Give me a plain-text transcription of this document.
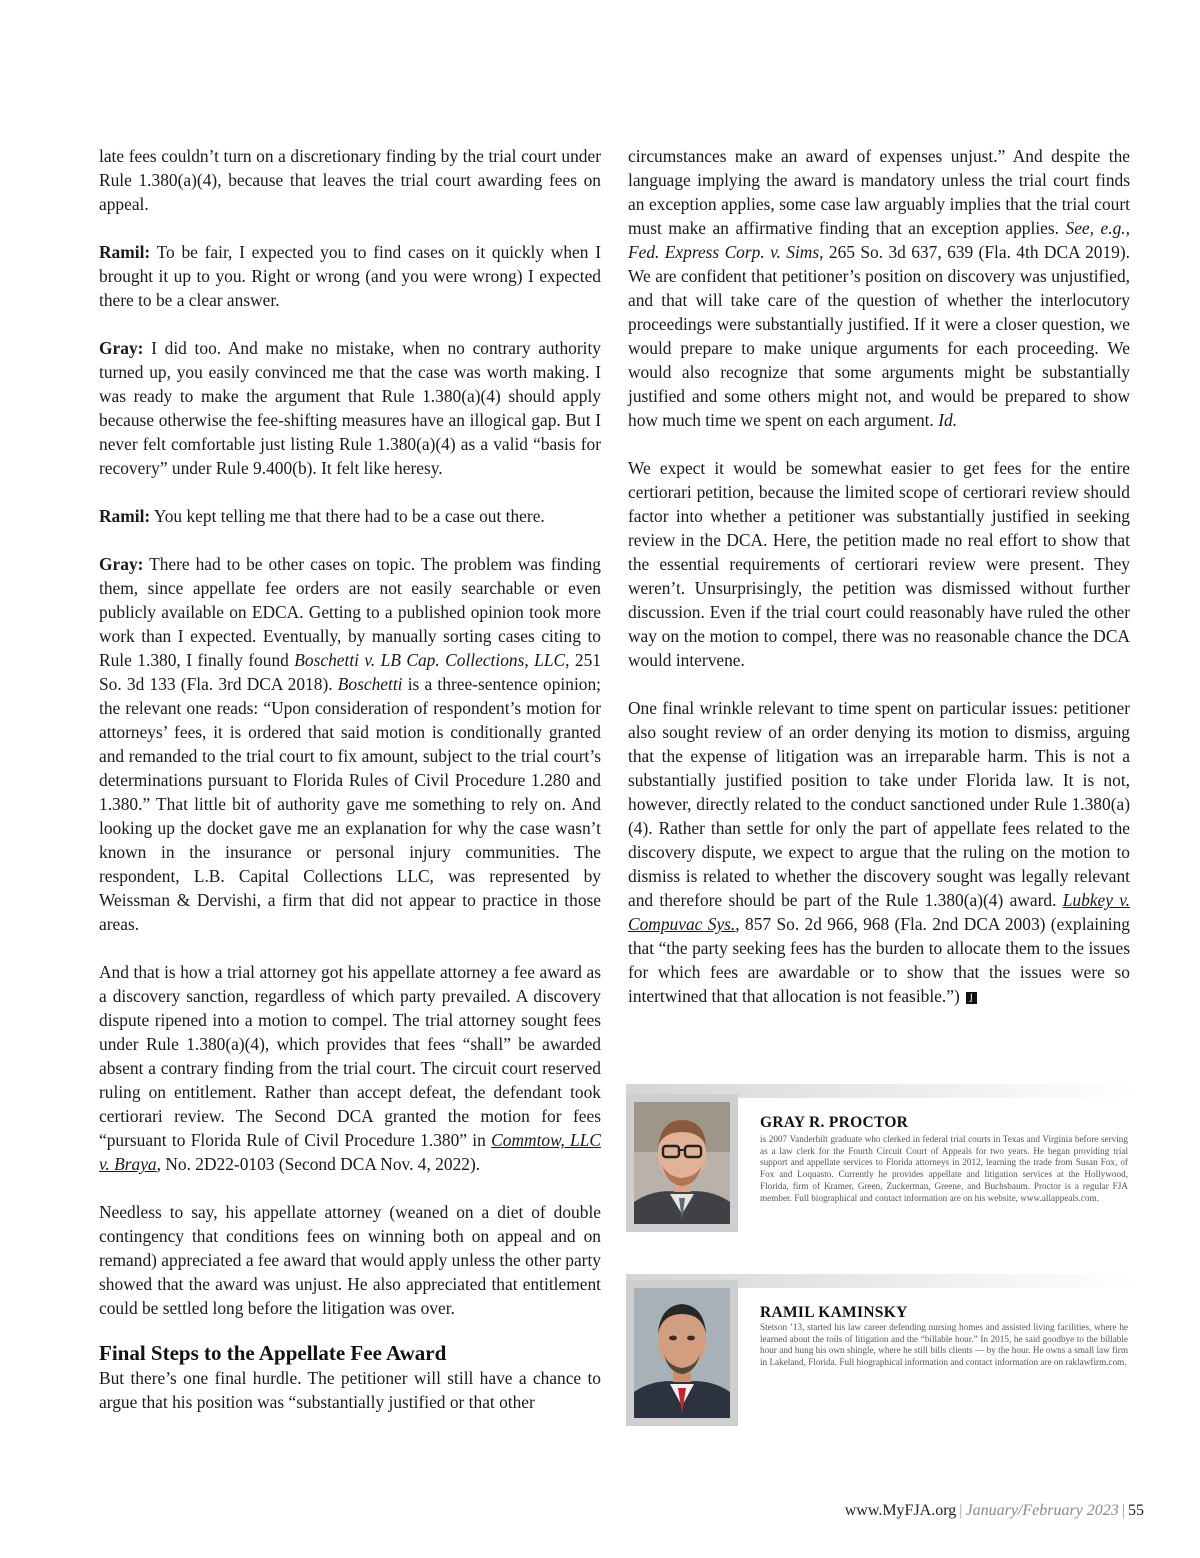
late fees couldn’t turn on a discretionary finding by the trial court under Rule 1.380(a)(4), because that leaves the trial court awarding fees on appeal.

Ramil: To be fair, I expected you to find cases on it quickly when I brought it up to you. Right or wrong (and you were wrong) I expected there to be a clear answer.

Gray: I did too. And make no mistake, when no contrary authority turned up, you easily convinced me that the case was worth making. I was ready to make the argument that Rule 1.380(a)(4) should apply because otherwise the fee-shifting measures have an illogical gap. But I never felt comfortable just listing Rule 1.380(a)(4) as a valid “basis for recovery” under Rule 9.400(b). It felt like heresy.

Ramil: You kept telling me that there had to be a case out there.

Gray: There had to be other cases on topic. The problem was finding them, since appellate fee orders are not easily searchable or even publicly available on EDCA. Getting to a published opinion took more work than I expected. Eventually, by manually sorting cases citing to Rule 1.380, I finally found Boschetti v. LB Cap. Collections, LLC, 251 So. 3d 133 (Fla. 3rd DCA 2018). Boschetti is a three-sentence opinion; the relevant one reads: “Upon consideration of respondent’s motion for attorneys’ fees, it is ordered that said motion is conditionally granted and remanded to the trial court to fix amount, subject to the trial court’s determinations pursuant to Florida Rules of Civil Procedure 1.280 and 1.380.” That little bit of authority gave me something to rely on. And looking up the docket gave me an explanation for why the case wasn’t known in the insurance or personal injury communities. The respondent, L.B. Capital Collections LLC, was represented by Weissman & Dervishi, a firm that did not appear to practice in those areas.

And that is how a trial attorney got his appellate attorney a fee award as a discovery sanction, regardless of which party prevailed. A discovery dispute ripened into a motion to compel. The trial attorney sought fees under Rule 1.380(a)(4), which provides that fees “shall” be awarded absent a contrary finding from the trial court. The circuit court reserved ruling on entitlement. Rather than accept defeat, the defendant took certiorari review. The Second DCA granted the motion for fees “pursuant to Florida Rule of Civil Procedure 1.380” in Commtow, LLC v. Braya, No. 2D22-0103 (Second DCA Nov. 4, 2022).

Needless to say, his appellate attorney (weaned on a diet of double contingency that conditions fees on winning both on appeal and on remand) appreciated a fee award that would apply unless the other party showed that the award was unjust. He also appreciated that entitlement could be settled long before the litigation was over.

Final Steps to the Appellate Fee Award

But there’s one final hurdle. The petitioner will still have a chance to argue that his position was “substantially justified or that other

circumstances make an award of expenses unjust.” And despite the language implying the award is mandatory unless the trial court finds an exception applies, some case law arguably implies that the trial court must make an affirmative finding that an exception applies. See, e.g., Fed. Express Corp. v. Sims, 265 So. 3d 637, 639 (Fla. 4th DCA 2019). We are confident that petitioner’s position on discovery was unjustified, and that will take care of the question of whether the interlocutory proceedings were substantially justified. If it were a closer question, we would prepare to make unique arguments for each proceeding. We would also recognize that some arguments might be substantially justified and some others might not, and would be prepared to show how much time we spent on each argument. Id.

We expect it would be somewhat easier to get fees for the entire certiorari petition, because the limited scope of certiorari review should factor into whether a petitioner was substantially justified in seeking review in the DCA. Here, the petition made no real effort to show that the essential requirements of certiorari review were present. They weren’t. Unsurprisingly, the petition was dismissed without further discussion. Even if the trial court could reasonably have ruled the other way on the motion to compel, there was no reasonable chance the DCA would intervene.

One final wrinkle relevant to time spent on particular issues: petitioner also sought review of an order denying its motion to dismiss, arguing that the expense of litigation was an irreparable harm. This is not a substantially justified position to take under Florida law. It is not, however, directly related to the conduct sanctioned under Rule 1.380(a)(4). Rather than settle for only the part of appellate fees related to the discovery dispute, we expect to argue that the ruling on the motion to dismiss is related to whether the discovery sought was legally relevant and therefore should be part of the Rule 1.380(a)(4) award. Lubkey v. Compuvac Sys., 857 So. 2d 966, 968 (Fla. 2nd DCA 2003) (explaining that “the party seeking fees has the burden to allocate them to the issues for which fees are awardable or to show that the issues were so intertwined that that allocation is not feasible.”) J

GRAY R. PROCTOR

is 2007 Vanderbilt graduate who clerked in federal trial courts in Texas and Virginia before serving as a law clerk for the Fourth Circuit Court of Appeals for two years. He began providing trial support and appellate services to Florida attorneys in 2012, learning the trade from Susan Fox, of Fox and Loquasto. Currently he provides appellate and litigation services at the Hollywood, Florida, firm of Kramer, Green, Zuckerman, Greene, and Buchsbaum. Proctor is a regular FJA member. Full biographical and contact information are on his website, www.allappeals.com.

RAMIL KAMINSKY

Stetson ’13, started his law career defending nursing homes and assisted living facilities, where he learned about the toils of litigation and the “billable hour.” In 2015, he said goodbye to the billable hour and hung his own shingle, where he still bills clients — by the hour. He owns a small law firm in Lakeland, Florida. Full biographical information and contact information are on raklawfirm.com.

www.MyFJA.org | January/February 2023 | 55
